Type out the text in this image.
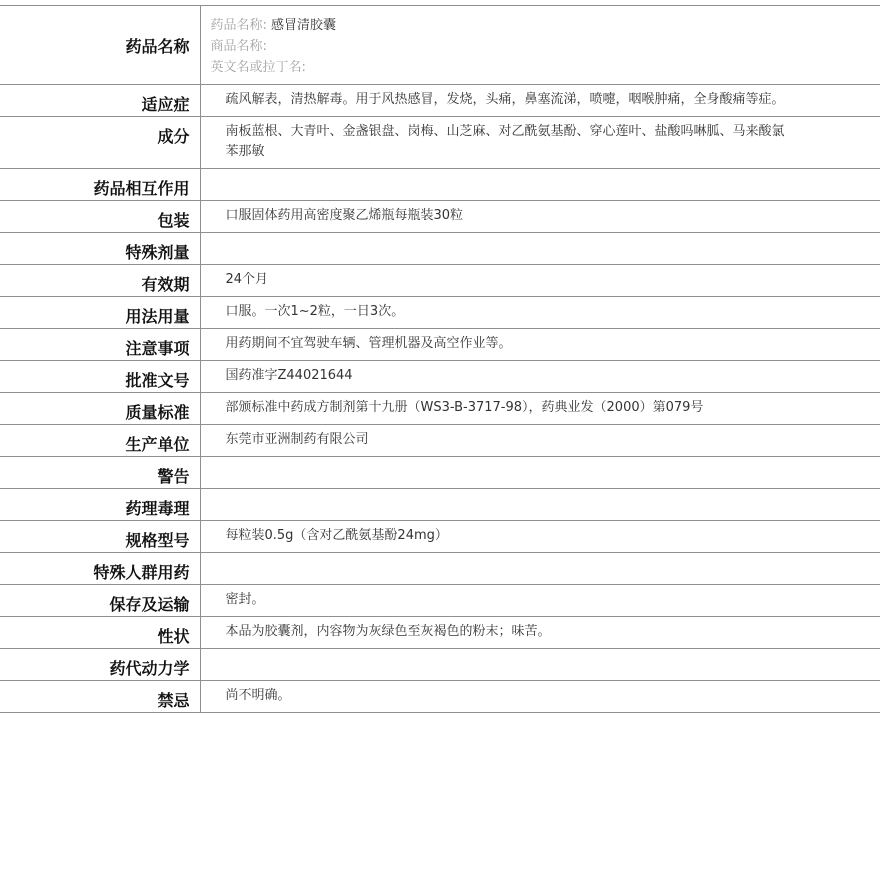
药品名称	药品名称: 感冒清胶囊
商品名称:
英文名或拉丁名:

适应症	疏风解表，清热解毒。用于风热感冒，发烧，头痛，鼻塞流涕，喷嚏，咽喉肿痛，全身酸痛等症。
成分	南板蓝根、大青叶、金盏银盘、岗梅、山芝麻、对乙酰氨基酚、穿心莲叶、盐酸吗啉胍、马来酸氯苯那敏
药品相互作用	
包装	口服固体药用高密度聚乙烯瓶每瓶装30粒
特殊剂量	
有效期	24个月
用法用量	口服。一次1~2粒，一日3次。
注意事项	用药期间不宜驾驶车辆、管理机器及高空作业等。
批准文号	国药准字Z44021644
质量标准	部颁标准中药成方制剂第十九册（WS3-B-3717-98），药典业发（2000）第079号
生产单位	东莞市亚洲制药有限公司
警告	
药理毒理	
规格型号	每粒装0.5g（含对乙酰氨基酚24mg）
特殊人群用药	
保存及运输	密封。
性状	本品为胶囊剂，内容物为灰绿色至灰褐色的粉末；味苦。
药代动力学	
禁忌	尚不明确。
